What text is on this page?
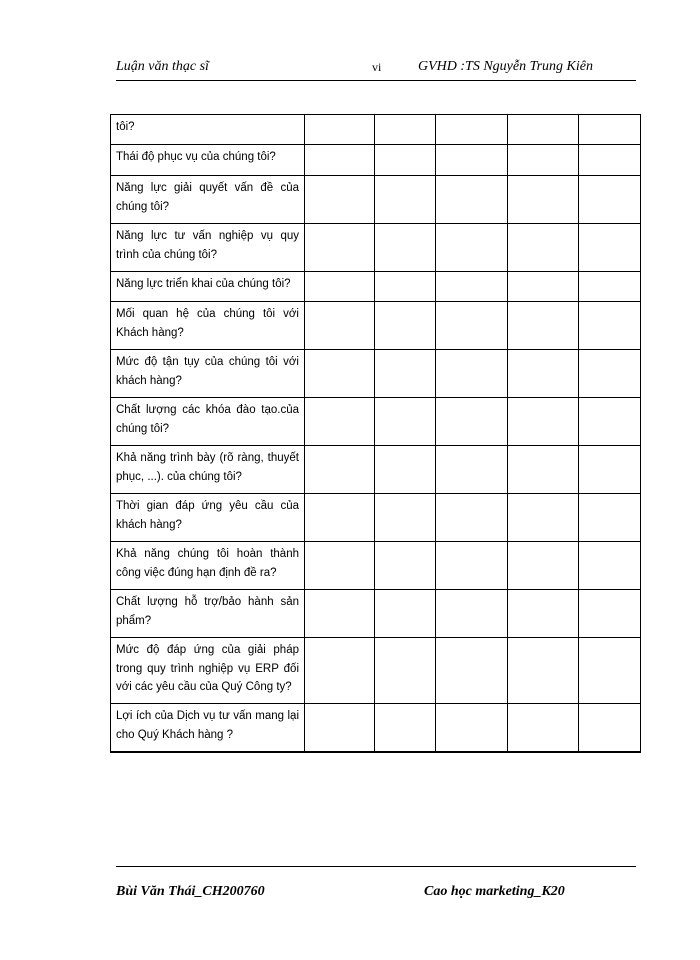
Luận văn thạc sĩ	vi	GVHD :TS Nguyễn Trung Kiên
tôi?					
Thái độ phục vụ của chúng tôi?					
Năng lực giải quyết vấn đề của chúng tôi?					
Năng lực tư vấn nghiệp vụ quy trình của chúng tôi?					
Năng lực triển khai của chúng tôi?					
Mối quan hệ của chúng tôi với Khách hàng?					
Mức độ tận tụy của chúng tôi với khách hàng?					
Chất lượng các khóa đào tạo.của chúng tôi?					
Khả năng trình bày (rõ ràng, thuyết phục, ...). của chúng tôi?					
Thời gian đáp ứng yêu cầu của khách hàng?					
Khả năng chúng tôi hoàn thành công việc đúng hạn định đề ra?					
Chất lượng hỗ trợ/bảo hành sản phẩm?					
Mức độ đáp ứng của giải pháp trong quy trình nghiệp vụ ERP đối với các yêu cầu của Quý Công ty?					
Lợi ích của Dịch vụ tư vấn mang lại cho Quý Khách hàng ?					
Bùi Văn Thái_CH200760	Cao học marketing_K20
